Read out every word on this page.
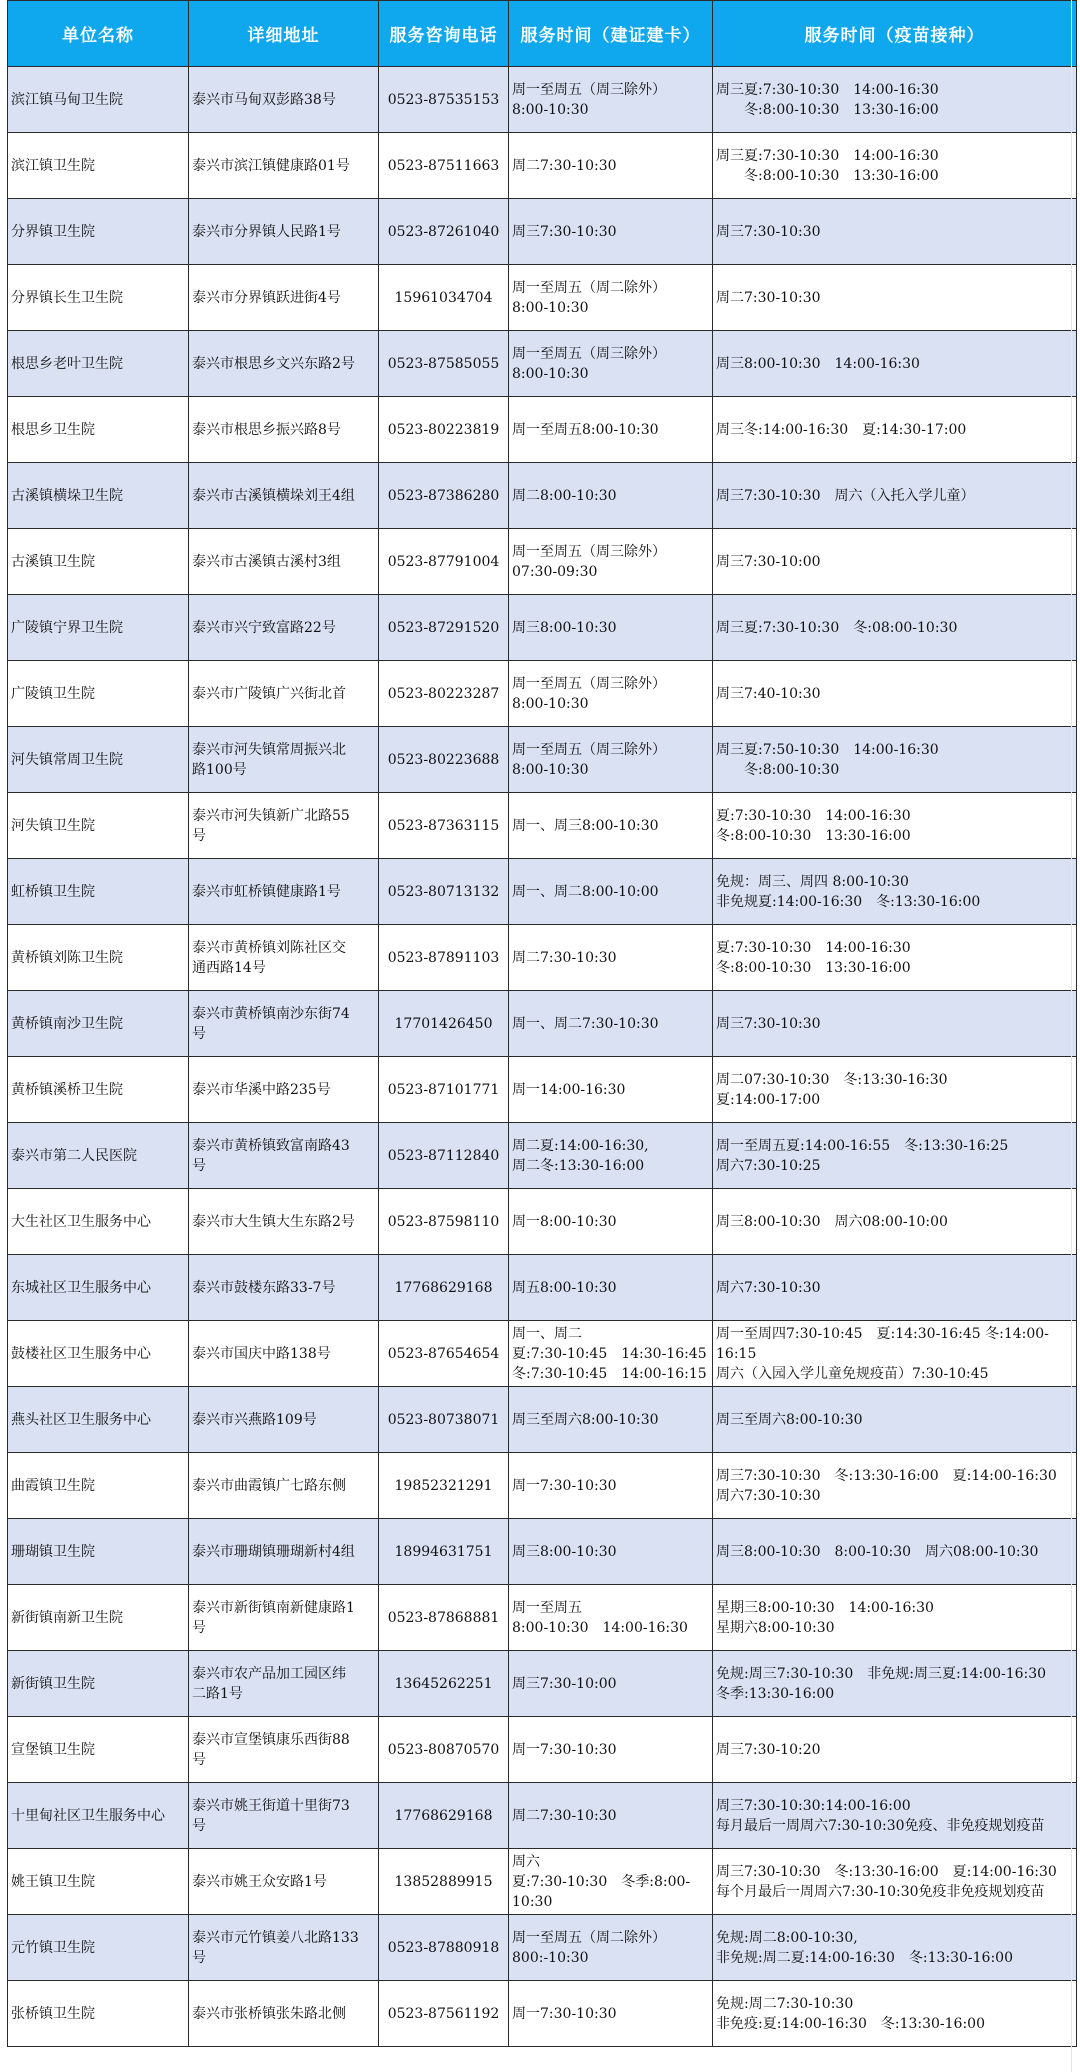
单位名称	详细地址	服务咨询电话	服务时间（建证建卡）	服务时间（疫苗接种）
滨江镇马甸卫生院	泰兴市马甸双彭路38号	0523-87535153	周一至周五（周三除外）
8:00-10:30	周三夏:7:30-10:30　14:00-16:30
　　冬:8:00-10:30　13:30-16:00
滨江镇卫生院	泰兴市滨江镇健康路01号	0523-87511663	周二7:30-10:30	周三夏:7:30-10:30　14:00-16:30
　　冬:8:00-10:30　13:30-16:00
分界镇卫生院	泰兴市分界镇人民路1号	0523-87261040	周三7:30-10:30	周三7:30-10:30
分界镇长生卫生院	泰兴市分界镇跃进街4号	15961034704	周一至周五（周二除外）
8:00-10:30	周二7:30-10:30
根思乡老叶卫生院	泰兴市根思乡文兴东路2号	0523-87585055	周一至周五（周三除外）
8:00-10:30	周三8:00-10:30　14:00-16:30
根思乡卫生院	泰兴市根思乡振兴路8号	0523-80223819	周一至周五8:00-10:30	周三冬:14:00-16:30　夏:14:30-17:00
古溪镇横垛卫生院	泰兴市古溪镇横垛刘王4组	0523-87386280	周二8:00-10:30	周三7:30-10:30　周六（入托入学儿童）
古溪镇卫生院	泰兴市古溪镇古溪村3组	0523-87791004	周一至周五（周三除外）
07:30-09:30	周三7:30-10:00
广陵镇宁界卫生院	泰兴市兴宁致富路22号	0523-87291520	周三8:00-10:30	周三夏:7:30-10:30　冬:08:00-10:30
广陵镇卫生院	泰兴市广陵镇广兴街北首	0523-80223287	周一至周五（周三除外）
8:00-10:30	周三7:40-10:30
河失镇常周卫生院	泰兴市河失镇常周振兴北
路100号	0523-80223688	周一至周五（周三除外）
8:00-10:30	周三夏:7:50-10:30　14:00-16:30
　　冬:8:00-10:30
河失镇卫生院	泰兴市河失镇新广北路55
号	0523-87363115	周一、周三8:00-10:30	夏:7:30-10:30　14:00-16:30
冬:8:00-10:30　13:30-16:00
虹桥镇卫生院	泰兴市虹桥镇健康路1号	0523-80713132	周一、周二8:00-10:00	免规：周三、周四 8:00-10:30
非免规夏:14:00-16:30　冬:13:30-16:00
黄桥镇刘陈卫生院	泰兴市黄桥镇刘陈社区交
通西路14号	0523-87891103	周二7:30-10:30	夏:7:30-10:30　14:00-16:30
冬:8:00-10:30　13:30-16:00
黄桥镇南沙卫生院	泰兴市黄桥镇南沙东街74
号	17701426450	周一、周二7:30-10:30	周三7:30-10:30
黄桥镇溪桥卫生院	泰兴市华溪中路235号	0523-87101771	周一14:00-16:30	周二07:30-10:30　冬:13:30-16:30
夏:14:00-17:00
泰兴市第二人民医院	泰兴市黄桥镇致富南路43
号	0523-87112840	周二夏:14:00-16:30,
周二冬:13:30-16:00	周一至周五夏:14:00-16:55　冬:13:30-16:25
周六7:30-10:25
大生社区卫生服务中心	泰兴市大生镇大生东路2号	0523-87598110	周一8:00-10:30	周三8:00-10:30　周六08:00-10:00
东城社区卫生服务中心	泰兴市鼓楼东路33-7号	17768629168	周五8:00-10:30	周六7:30-10:30
鼓楼社区卫生服务中心	泰兴市国庆中路138号	0523-87654654	周一、周二
夏:7:30-10:45　14:30-16:45
冬:7:30-10:45　14:00-16:15	周一至周四7:30-10:45　夏:14:30-16:45 冬:14:00-16:15
周六（入园入学儿童免规疫苗）7:30-10:45
燕头社区卫生服务中心	泰兴市兴燕路109号	0523-80738071	周三至周六8:00-10:30	周三至周六8:00-10:30
曲霞镇卫生院	泰兴市曲霞镇广七路东侧	19852321291	周一7:30-10:30	周三7:30-10:30　冬:13:30-16:00　夏:14:00-16:30
周六7:30-10:30
珊瑚镇卫生院	泰兴市珊瑚镇珊瑚新村4组	18994631751	周三8:00-10:30	周三8:00-10:30　8:00-10:30　周六08:00-10:30
新街镇南新卫生院	泰兴市新街镇南新健康路1
号	0523-87868881	周一至周五
8:00-10:30　14:00-16:30	星期三8:00-10:30　14:00-16:30
星期六8:00-10:30
新街镇卫生院	泰兴市农产品加工园区纬
二路1号	13645262251	周三7:30-10:00	免规:周三7:30-10:30　非免规:周三夏:14:00-16:30
冬季:13:30-16:00
宣堡镇卫生院	泰兴市宣堡镇康乐西街88
号	0523-80870570	周一7:30-10:30	周三7:30-10:20
十里甸社区卫生服务中心	泰兴市姚王街道十里街73
号	17768629168	周二7:30-10:30	周三7:30-10:30:14:00-16:00
每月最后一周周六7:30-10:30免疫、非免疫规划疫苗
姚王镇卫生院	泰兴市姚王众安路1号	13852889915	周六
夏:7:30-10:30　冬季:8:00-10:30	周三7:30-10:30　冬:13:30-16:00　夏:14:00-16:30
每个月最后一周周六7:30-10:30免疫非免疫规划疫苗
元竹镇卫生院	泰兴市元竹镇姜八北路133
号	0523-87880918	周一至周五（周二除外）
800:-10:30	免规:周二8:00-10:30,
非免规:周二夏:14:00-16:30　冬:13:30-16:00
张桥镇卫生院	泰兴市张桥镇张朱路北侧	0523-87561192	周一7:30-10:30	免规:周二7:30-10:30
非免疫:夏:14:00-16:30　冬:13:30-16:00
